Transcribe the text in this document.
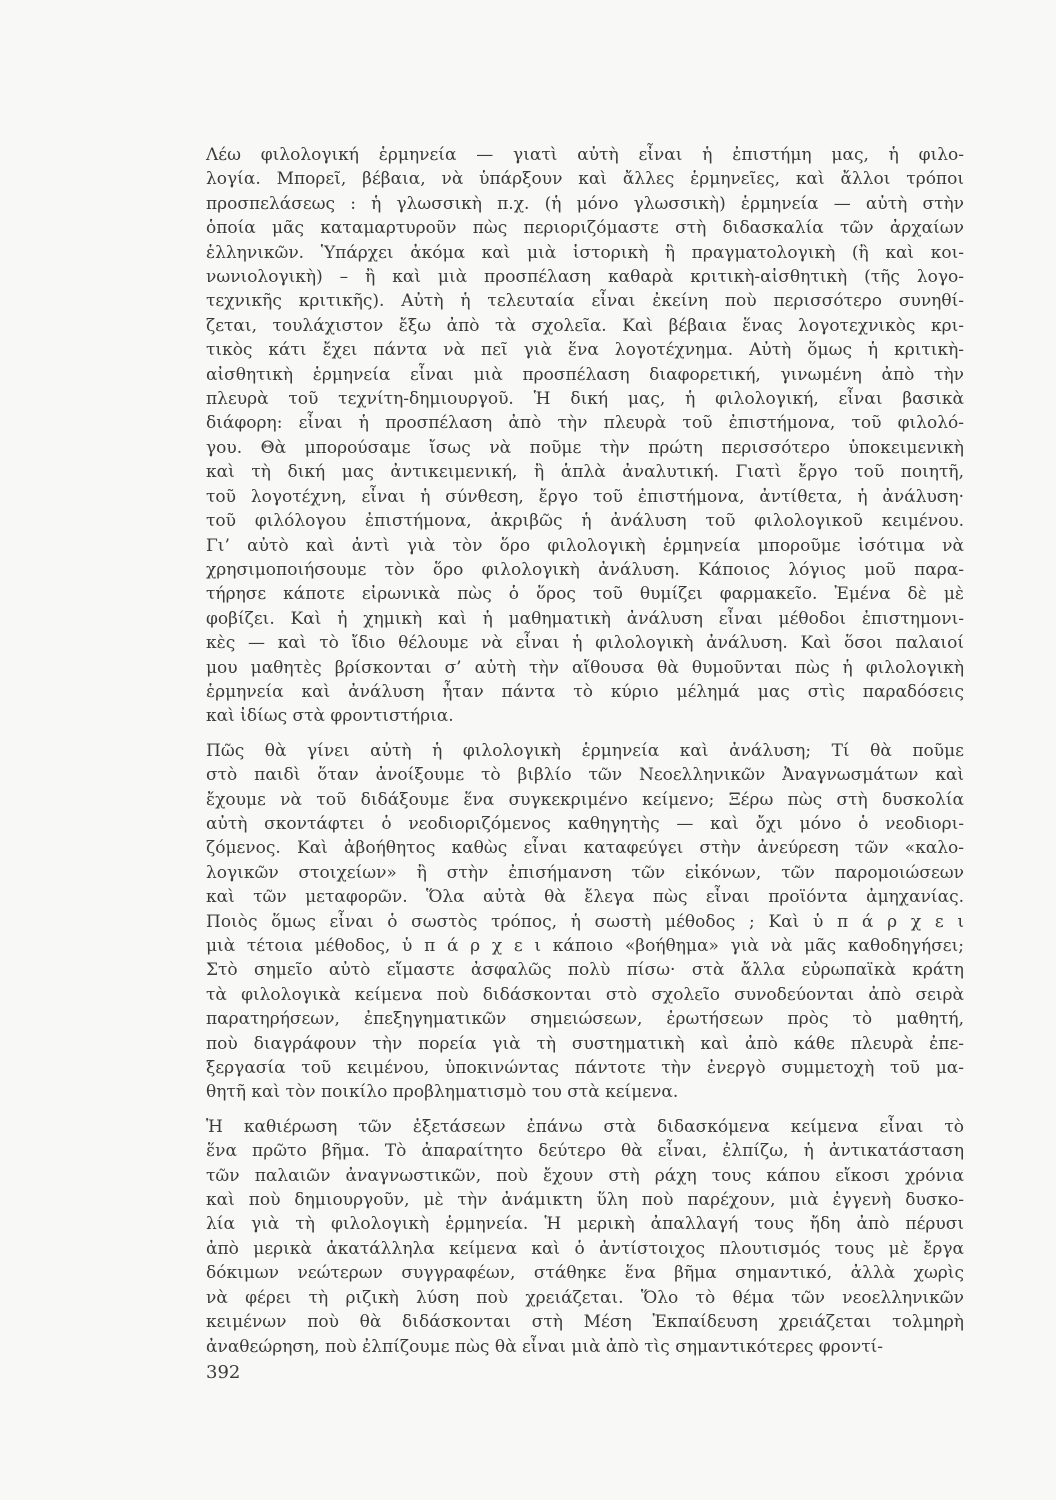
Λέω φιλολογική ἑρμηνεία — γιατὶ αὐτὴ εἶναι ἡ ἐπιστήμη μας, ἡ φιλο-
λογία. Μπορεῖ, βέβαια, νὰ ὑπάρξουν καὶ ἄλλες ἑρμηνεῖες, καὶ ἄλλοι τρόποι
προσπελάσεως : ἡ γλωσσικὴ π.χ. (ἡ μόνο γλωσσικὴ) ἑρμηνεία — αὐτὴ στὴν
ὁποία μᾶς καταμαρτυροῦν πὼς περιοριζόμαστε στὴ διδασκαλία τῶν ἀρχαίων
ἑλληνικῶν. Ὑπάρχει ἀκόμα καὶ μιὰ ἱστορικὴ ἢ πραγματολογικὴ (ἢ καὶ κοι-
νωνιολογικὴ) – ἢ καὶ μιὰ προσπέλαση καθαρὰ κριτικὴ-αἰσθητικὴ (τῆς λογο-
τεχνικῆς κριτικῆς). Αὐτὴ ἡ τελευταία εἶναι ἐκείνη ποὺ περισσότερο συνηθί-
ζεται, τουλάχιστον ἔξω ἀπὸ τὰ σχολεῖα. Καὶ βέβαια ἕνας λογοτεχνικὸς κρι-
τικὸς κάτι ἔχει πάντα νὰ πεῖ γιὰ ἕνα λογοτέχνημα. Αὐτὴ ὅμως ἡ κριτικὴ-
αἰσθητικὴ ἑρμηνεία εἶναι μιὰ προσπέλαση διαφορετική, γινωμένη ἀπὸ τὴν
πλευρὰ τοῦ τεχνίτη-δημιουργοῦ. Ἡ δική μας, ἡ φιλολογική, εἶναι βασικὰ
διάφορη: εἶναι ἡ προσπέλαση ἀπὸ τὴν πλευρὰ τοῦ ἐπιστήμονα, τοῦ φιλολό-
γου. Θὰ μπορούσαμε ἴσως νὰ ποῦμε τὴν πρώτη περισσότερο ὑποκειμενικὴ
καὶ τὴ δική μας ἀντικειμενική, ἢ ἁπλὰ ἀναλυτική. Γιατὶ ἔργο τοῦ ποιητῆ,
τοῦ λογοτέχνη, εἶναι ἡ σύνθεση, ἔργο τοῦ ἐπιστήμονα, ἀντίθετα, ἡ ἀνάλυση·
τοῦ φιλόλογου ἐπιστήμονα, ἀκριβῶς ἡ ἀνάλυση τοῦ φιλολογικοῦ κειμένου.
Γι’ αὐτὸ καὶ ἀντὶ γιὰ τὸν ὅρο φιλολογικὴ ἑρμηνεία μποροῦμε ἰσότιμα νὰ
χρησιμοποιήσουμε τὸν ὅρο φιλολογικὴ ἀνάλυση. Κάποιος λόγιος μοῦ παρα-
τήρησε κάποτε εἰρωνικὰ πὼς ὁ ὅρος τοῦ θυμίζει φαρμακεῖο. Ἐμένα δὲ μὲ
φοβίζει. Καὶ ἡ χημικὴ καὶ ἡ μαθηματικὴ ἀνάλυση εἶναι μέθοδοι ἐπιστημονι-
κὲς — καὶ τὸ ἴδιο θέλουμε νὰ εἶναι ἡ φιλολογικὴ ἀνάλυση. Καὶ ὅσοι παλαιοί
μου μαθητὲς βρίσκονται σ’ αὐτὴ τὴν αἴθουσα θὰ θυμοῦνται πὼς ἡ φιλολογικὴ
ἑρμηνεία καὶ ἀνάλυση ἦταν πάντα τὸ κύριο μέλημά μας στὶς παραδόσεις
καὶ ἰδίως στὰ φροντιστήρια.
Πῶς θὰ γίνει αὐτὴ ἡ φιλολογικὴ ἑρμηνεία καὶ ἀνάλυση; Τί θὰ ποῦμε
στὸ παιδὶ ὅταν ἀνοίξουμε τὸ βιβλίο τῶν Νεοελληνικῶν Ἀναγνωσμάτων καὶ
ἔχουμε νὰ τοῦ διδάξουμε ἕνα συγκεκριμένο κείμενο; Ξέρω πὼς στὴ δυσκολία
αὐτὴ σκοντάφτει ὁ νεοδιοριζόμενος καθηγητὴς — καὶ ὄχι μόνο ὁ νεοδιορι-
ζόμενος. Καὶ ἀβοήθητος καθὼς εἶναι καταφεύγει στὴν ἀνεύρεση τῶν «καλο-
λογικῶν στοιχείων» ἢ στὴν ἐπισήμανση τῶν εἰκόνων, τῶν παρομοιώσεων
καὶ τῶν μεταφορῶν. Ὅλα αὐτὰ θὰ ἔλεγα πὼς εἶναι προϊόντα ἀμηχανίας.
Ποιὸς ὅμως εἶναι ὁ σωστὸς τρόπος, ἡ σωστὴ μέθοδος ; Καὶ ὑ π ά ρ χ ε ι
μιὰ τέτοια μέθοδος, ὑ π ά ρ χ ε ι κάποιο «βοήθημα» γιὰ νὰ μᾶς καθοδηγήσει;
Στὸ σημεῖο αὐτὸ εἴμαστε ἀσφαλῶς πολὺ πίσω· στὰ ἄλλα εὐρωπαϊκὰ κράτη
τὰ φιλολογικὰ κείμενα ποὺ διδάσκονται στὸ σχολεῖο συνοδεύονται ἀπὸ σειρὰ
παρατηρήσεων, ἐπεξηγηματικῶν σημειώσεων, ἐρωτήσεων πρὸς τὸ μαθητή,
ποὺ διαγράφουν τὴν πορεία γιὰ τὴ συστηματικὴ καὶ ἀπὸ κάθε πλευρὰ ἐπε-
ξεργασία τοῦ κειμένου, ὑποκινώντας πάντοτε τὴν ἐνεργὸ συμμετοχὴ τοῦ μα-
θητῆ καὶ τὸν ποικίλο προβληματισμὸ του στὰ κείμενα.
Ἡ καθιέρωση τῶν ἐξετάσεων ἐπάνω στὰ διδασκόμενα κείμενα εἶναι τὸ
ἕνα πρῶτο βῆμα. Τὸ ἀπαραίτητο δεύτερο θὰ εἶναι, ἐλπίζω, ἡ ἀντικατάσταση
τῶν παλαιῶν ἀναγνωστικῶν, ποὺ ἔχουν στὴ ράχη τους κάπου εἴκοσι χρόνια
καὶ ποὺ δημιουργοῦν, μὲ τὴν ἀνάμικτη ὕλη ποὺ παρέχουν, μιὰ ἐγγενὴ δυσκο-
λία γιὰ τὴ φιλολογικὴ ἑρμηνεία. Ἡ μερικὴ ἀπαλλαγή τους ἤδη ἀπὸ πέρυσι
ἀπὸ μερικὰ ἀκατάλληλα κείμενα καὶ ὁ ἀντίστοιχος πλουτισμός τους μὲ ἔργα
δόκιμων νεώτερων συγγραφέων, στάθηκε ἕνα βῆμα σημαντικό, ἀλλὰ χωρὶς
νὰ φέρει τὴ ριζικὴ λύση ποὺ χρειάζεται. Ὅλο τὸ θέμα τῶν νεοελληνικῶν
κειμένων ποὺ θὰ διδάσκονται στὴ Μέση Ἐκπαίδευση χρειάζεται τολμηρὴ
ἀναθεώρηση, ποὺ ἐλπίζουμε πὼς θὰ εἶναι μιὰ ἀπὸ τὶς σημαντικότερες φροντί-
392
